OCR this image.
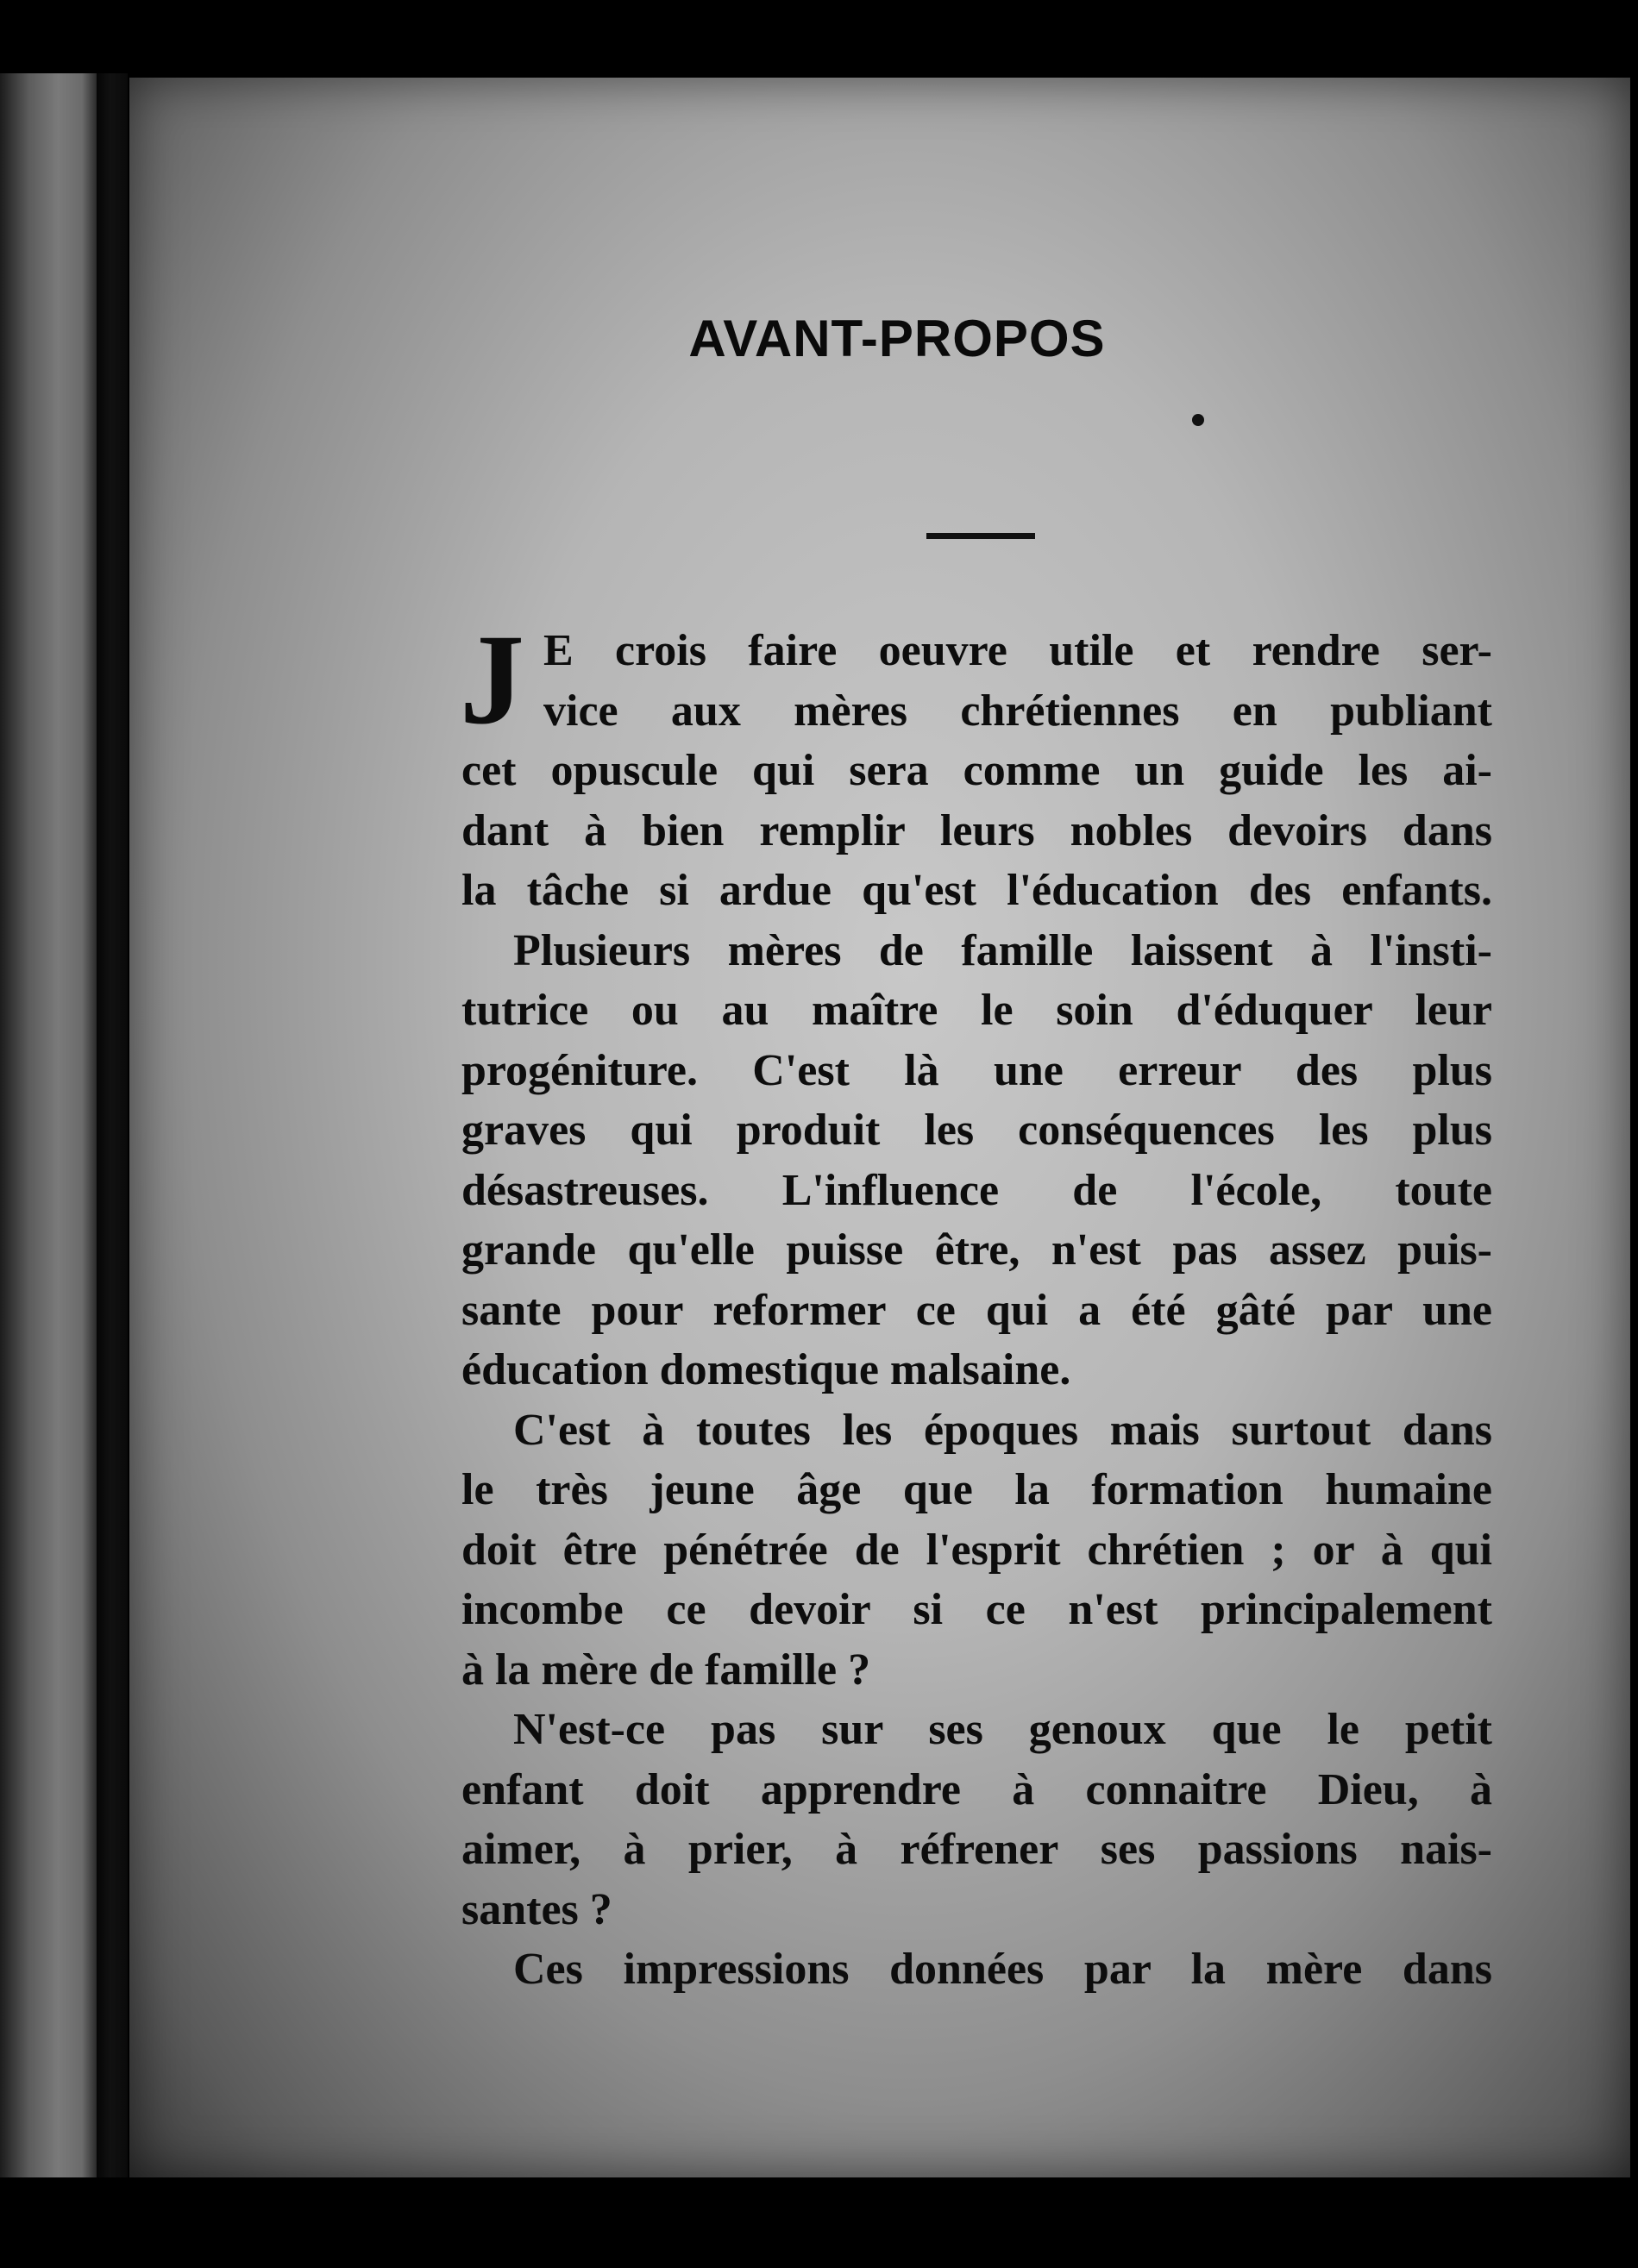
AVANT-PROPOS
J E crois faire oeuvre utile et rendre ser-

vice aux mères chrétiennes en publiant

cet opuscule qui sera comme un guide les ai-

dant à bien remplir leurs nobles devoirs dans

la tâche si ardue qu'est l'éducation des enfants.

Plusieurs mères de famille laissent à l'insti-

tutrice ou au maître le soin d'éduquer leur

progéniture. C'est là une erreur des plus

graves qui produit les conséquences les plus

désastreuses. L'influence de l'école, toute

grande qu'elle puisse être, n'est pas assez puis-

sante pour reformer ce qui a été gâté par une

éducation domestique malsaine.

C'est à toutes les époques mais surtout dans

le très jeune âge que la formation humaine

doit être pénétrée de l'esprit chrétien ; or à qui

incombe ce devoir si ce n'est principalement

à la mère de famille ?

N'est-ce pas sur ses genoux que le petit

enfant doit apprendre à connaitre Dieu, à

aimer, à prier, à réfrener ses passions nais-

santes ?

Ces impressions données par la mère dans
